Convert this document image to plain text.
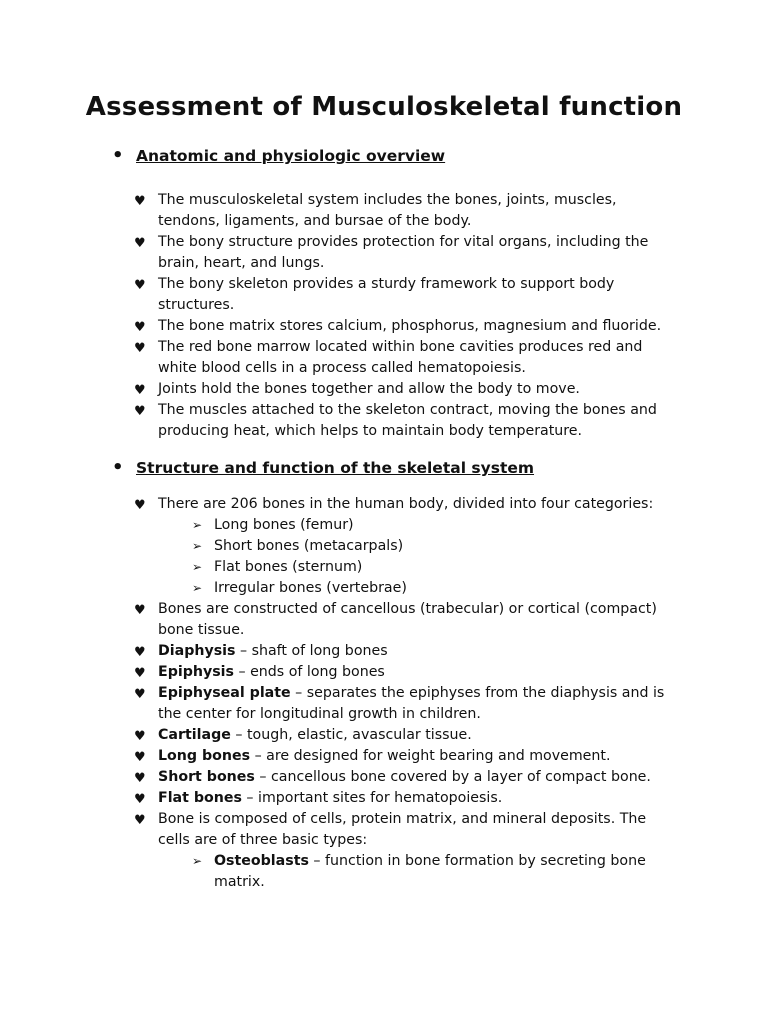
Assessment of Musculoskeletal function
• Anatomic and physiologic overview
♥ The musculoskeletal system includes the bones, joints, muscles, tendons, ligaments, and bursae of the body.
♥ The bony structure provides protection for vital organs, including the brain, heart, and lungs.
♥ The bony skeleton provides a sturdy framework to support body structures.
♥ The bone matrix stores calcium, phosphorus, magnesium and fluoride.
♥ The red bone marrow located within bone cavities produces red and white blood cells in a process called hematopoiesis.
♥ Joints hold the bones together and allow the body to move.
♥ The muscles attached to the skeleton contract, moving the bones and producing heat, which helps to maintain body temperature.
• Structure and function of the skeletal system
♥ There are 206 bones in the human body, divided into four categories:
➢ Long bones (femur)
➢ Short bones (metacarpals)
➢ Flat bones (sternum)
➢ Irregular bones (vertebrae)
♥ Bones are constructed of cancellous (trabecular) or cortical (compact) bone tissue.
♥ Diaphysis – shaft of long bones
♥ Epiphysis – ends of long bones
♥ Epiphyseal plate – separates the epiphyses from the diaphysis and is the center for longitudinal growth in children.
♥ Cartilage – tough, elastic, avascular tissue.
♥ Long bones – are designed for weight bearing and movement.
♥ Short bones – cancellous bone covered by a layer of compact bone.
♥ Flat bones – important sites for hematopoiesis.
♥ Bone is composed of cells, protein matrix, and mineral deposits. The cells are of three basic types:
➢ Osteoblasts – function in bone formation by secreting bone matrix.
